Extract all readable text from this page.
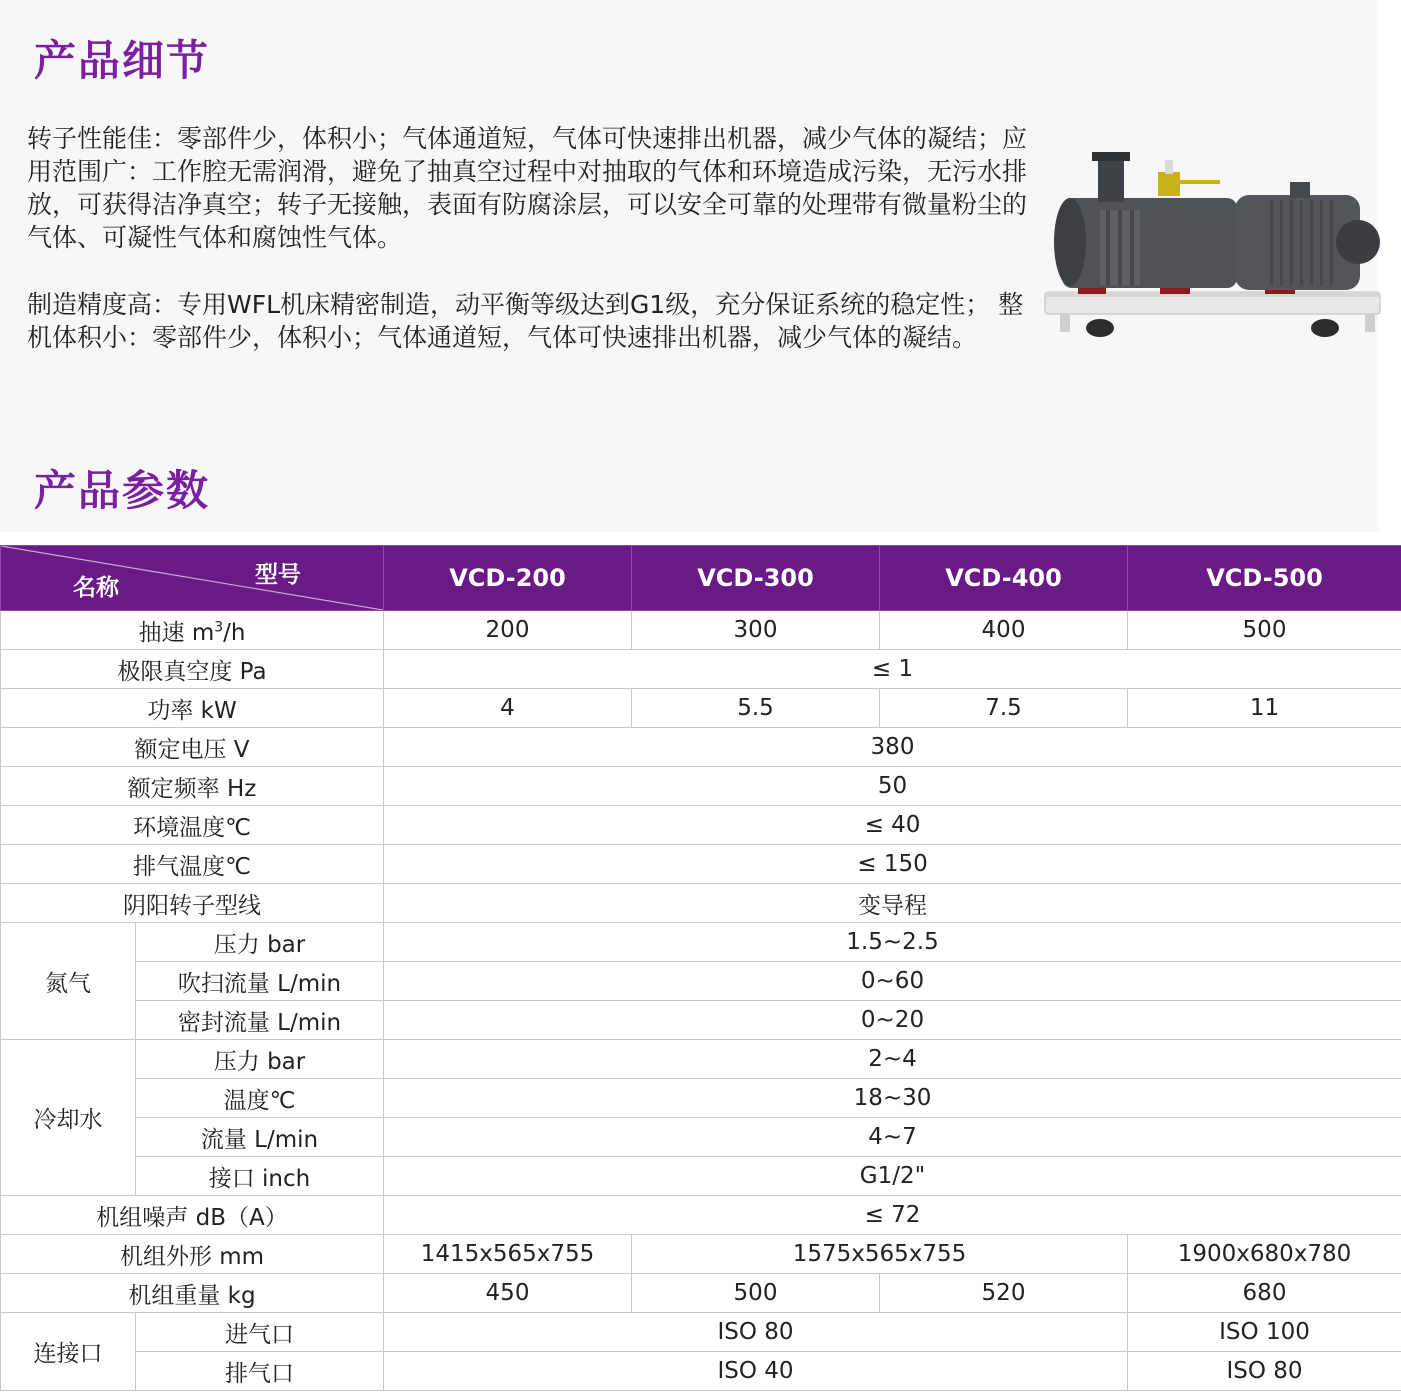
产品细节

转子性能佳：零部件少，体积小；气体通道短，气体可快速排出机器，减少气体的凝结；应用范围广：工作腔无需润滑，避免了抽真空过程中对抽取的气体和环境造成污染，无污水排放，可获得洁净真空；转子无接触，表面有防腐涂层，可以安全可靠的处理带有微量粉尘的气体、可凝性气体和腐蚀性气体。

制造精度高：专用WFL机床精密制造，动平衡等级达到G1级，充分保证系统的稳定性； 整机体积小：零部件少，体积小；气体通道短，气体可快速排出机器，减少气体的凝结。

产品参数
型号
名称		VCD-200	VCD-300	VCD-400	VCD-500
抽速 $m^3/h$		200	300	400	500
极限真空度 Pa		≤ 1			
功率 kW		4	5.5	7.5	11
额定电压 V		380			
额定频率 Hz		50			
环境温度℃		≤ 40			
排气温度℃		≤ 150			
阴阳转子型线		变导程			
氮气	压力 bar	1.5~2.5			
	吹扫流量 L/min	0~60			
	密封流量 L/min	0~20			
冷却水	压力 bar	2~4			
	温度℃	18~30			
	流量 L/min	4~7			
	接口 inch	G1/2"			
机组噪声 dB（A）		≤ 72			
机组外形 mm		1415x565x755	1575x565x755		1900x680x780
机组重量 kg		450	500	520	680
连接口	进气口	ISO 80			ISO 100
	排气口	ISO 40			ISO 80
